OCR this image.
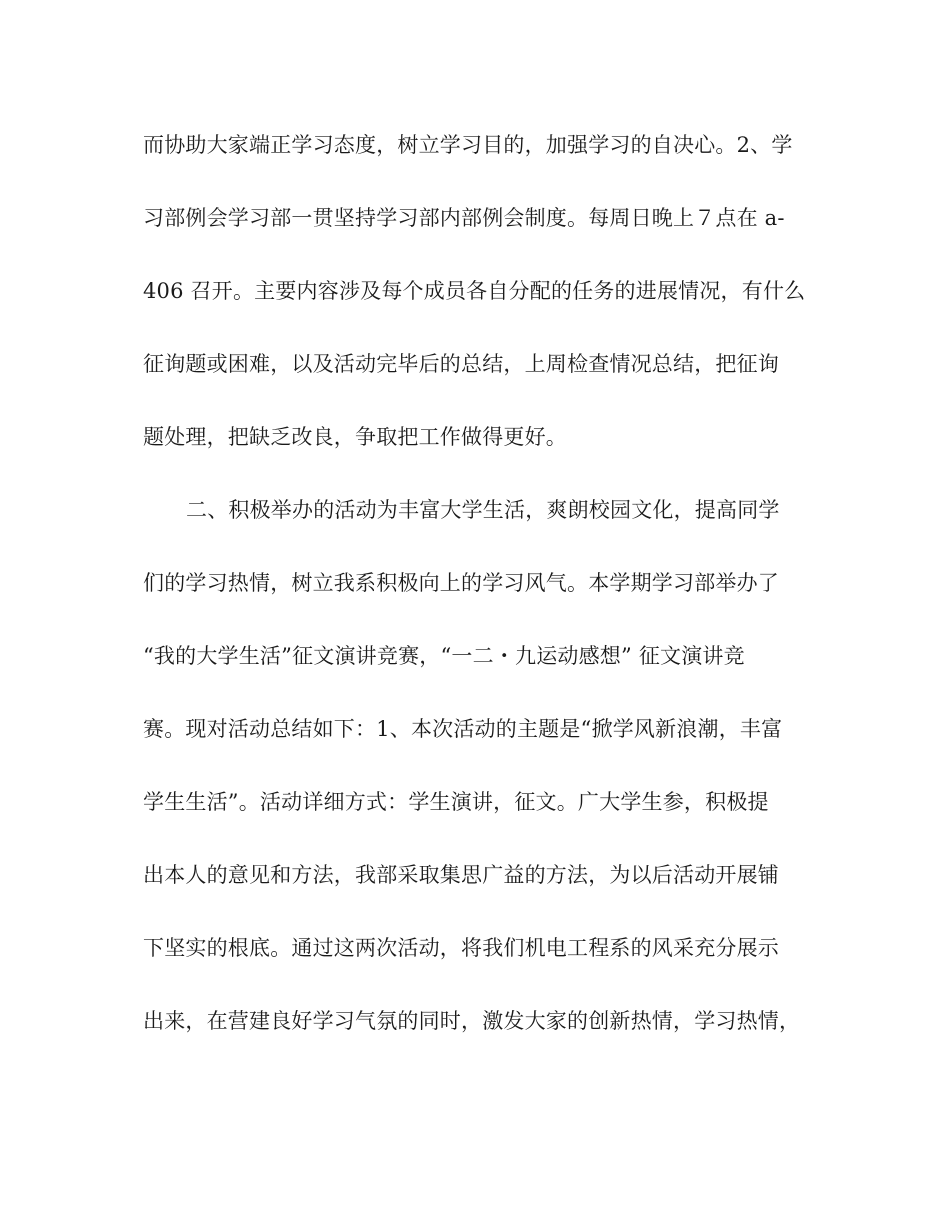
而协助大家端正学习态度，树立学习目的，加强学习的自决心。2、学
习部例会学习部一贯坚持学习部内部例会制度。每周日晚上７点在 a-
406 召开。主要内容涉及每个成员各自分配的任务的进展情况，有什么
征询题或困难，以及活动完毕后的总结，上周检查情况总结，把征询
题处理，把缺乏改良，争取把工作做得更好。
二、积极举办的活动为丰富大学生活，爽朗校园文化，提高同学
们的学习热情，树立我系积极向上的学习风气。本学期学习部举办了
“我的大学生活”征文演讲竞赛，“一二・九运动感想” 征文演讲竞
赛。现对活动总结如下：1、本次活动的主题是“掀学风新浪潮，丰富
学生生活”。活动详细方式：学生演讲，征文。广大学生参，积极提
出本人的意见和方法，我部采取集思广益的方法，为以后活动开展铺
下坚实的根底。通过这两次活动，将我们机电工程系的风采充分展示
出来，在营建良好学习气氛的同时，激发大家的创新热情，学习热情，
